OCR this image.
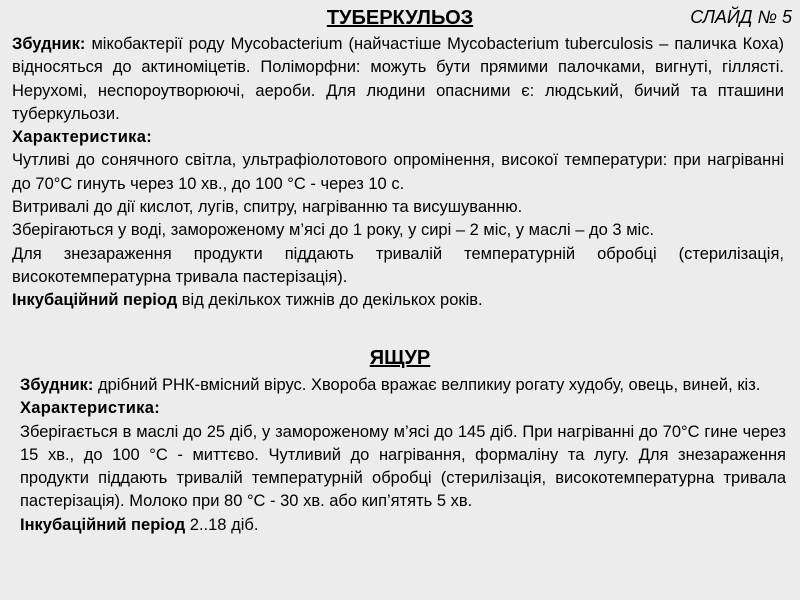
СЛАЙД № 5
ТУБЕРКУЛЬОЗ

Збудник: мікобактерії роду Mycobacterium (найчастіше Mycobacterium tuberculosis – паличка Коха) відносяться до актиноміцетів. Поліморфни: можуть бути прямими палочками, вигнуті, гіллясті. Нерухомі, неспороутворюючі, аероби. Для людини опасними є: людський, бичий та пташини туберкульози.

Характеристика:

Чутливі до сонячного світла, ультрафіолотового опромінення, високої температури: при нагріванні до 70°С гинуть через 10 хв., до 100 °С - через 10 с.

Витривалі до дії кислот, лугів, спитру, нагріванню та висушуванню.

Зберігаються у воді, замороженому м’ясі до 1 року, у сирі – 2 міс, у маслі – до 3 міс.

Для знезараження продукти піддають тривалій температурній обробці (стерилізація, високотемпературна тривала пастерізація).

Інкубаційний період від декількох тижнів до декількох років.

ЯЩУР

Збудник: дрібний РНК-вмісний вірус. Хвороба вражає велпикиу рогату худобу, овець, виней, кіз.

Характеристика:

Зберігається в маслі до 25 діб, у замороженому м’ясі до 145 діб. При нагріванні до 70°С гине через 15 хв., до 100 °С - миттєво. Чутливий до нагрівання, формаліну та лугу. Для знезараження продукти піддають тривалій температурній обробці (стерилізація, високотемпературна тривала пастерізація). Молоко при 80 °С - 30 хв. або кип’ятять 5 хв.

Інкубаційний період 2..18 діб.
